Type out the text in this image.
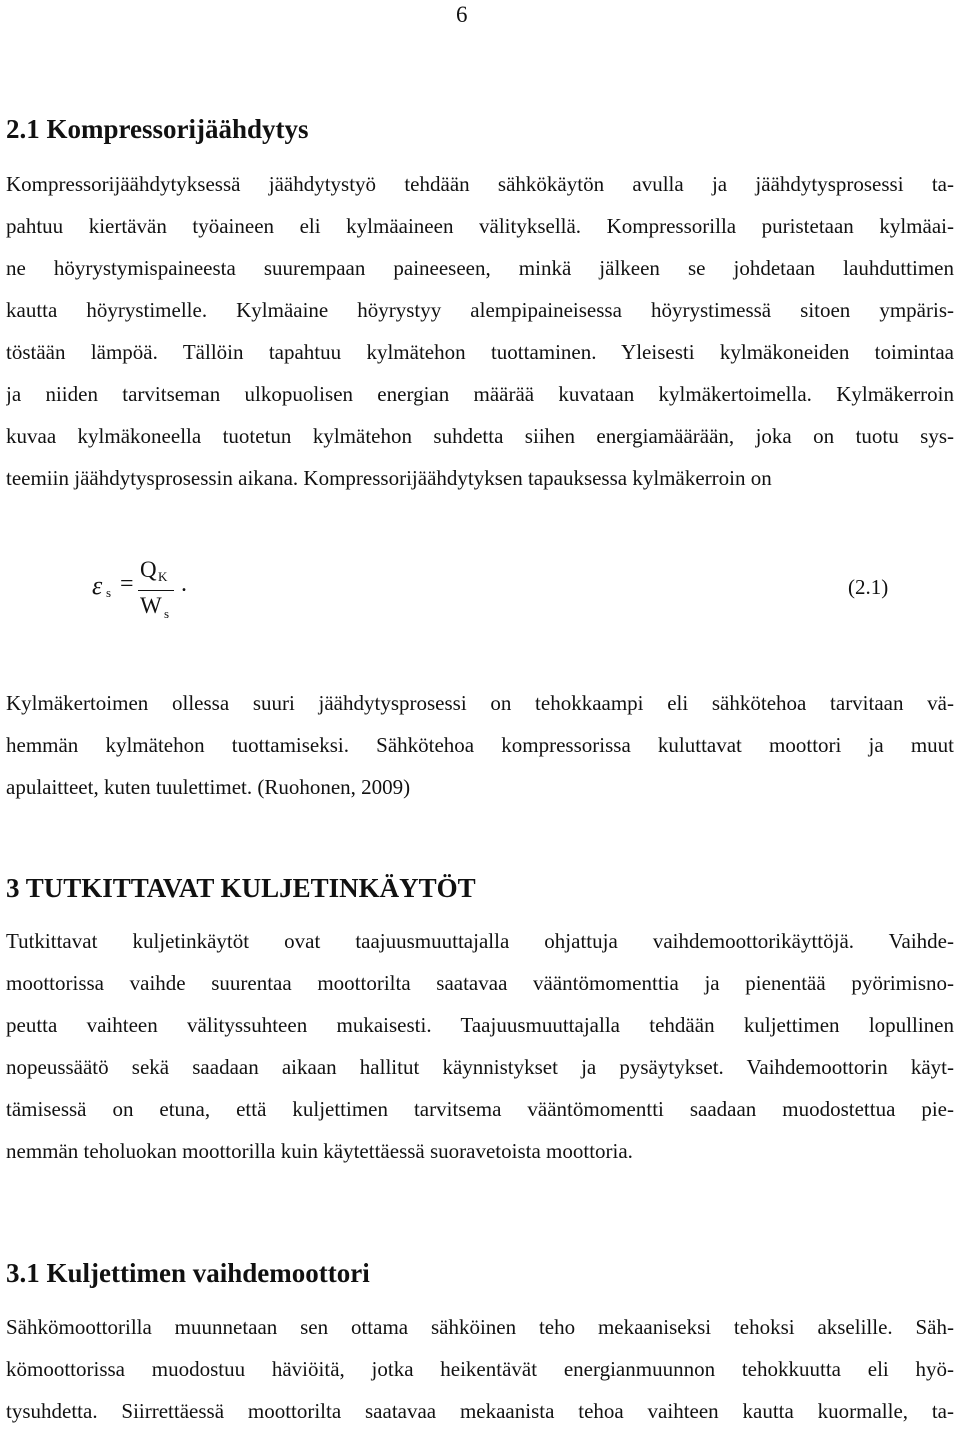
6
2.1 Kompressorijäähdytys
Kompressorijäähdytyksessä jäähdytystyö tehdään sähkökäytön avulla ja jäähdytysprosessi ta-
pahtuu kiertävän työaineen eli kylmäaineen välityksellä. Kompressorilla puristetaan kylmäai-
ne höyrystymispaineesta suurempaan paineeseen, minkä jälkeen se johdetaan lauhduttimen
kautta höyrystimelle. Kylmäaine höyrystyy alempipaineisessa höyrystimessä sitoen ympäris-
töstään lämpöä. Tällöin tapahtuu kylmätehon tuottaminen. Yleisesti kylmäkoneiden toimintaa
ja niiden tarvitseman ulkopuolisen energian määrää kuvataan kylmäkertoimella. Kylmäkerroin
kuvaa kylmäkoneella tuotetun kylmätehon suhdetta siihen energiamäärään, joka on tuotu sys-
teemiin jäähdytysprosessin aikana. Kompressorijäähdytyksen tapauksessa kylmäkerroin on
ε s =
Q K
W s
.	(2.1)
Kylmäkertoimen ollessa suuri jäähdytysprosessi on tehokkaampi eli sähkötehoa tarvitaan vä-
hemmän kylmätehon tuottamiseksi. Sähkötehoa kompressorissa kuluttavat moottori ja muut
apulaitteet, kuten tuulettimet. (Ruohonen, 2009)
3 TUTKITTAVAT KULJETINKÄYTÖT
Tutkittavat kuljetinkäytöt ovat taajuusmuuttajalla ohjattuja vaihdemoottorikäyttöjä. Vaihde-
moottorissa vaihde suurentaa moottorilta saatavaa vääntömomenttia ja pienentää pyörimisno-
peutta vaihteen välityssuhteen mukaisesti. Taajuusmuuttajalla tehdään kuljettimen lopullinen
nopeussäätö sekä saadaan aikaan hallitut käynnistykset ja pysäytykset. Vaihdemoottorin käyt-
tämisessä on etuna, että kuljettimen tarvitsema vääntömomentti saadaan muodostettua pie-
nemmän teholuokan moottorilla kuin käytettäessä suoravetoista moottoria.
3.1 Kuljettimen vaihdemoottori
Sähkömoottorilla muunnetaan sen ottama sähköinen teho mekaaniseksi tehoksi akselille. Säh-
kömoottorissa muodostuu häviöitä, jotka heikentävät energianmuunnon tehokkuutta eli hyö-
tysuhdetta. Siirrettäessä moottorilta saatavaa mekaanista tehoa vaihteen kautta kuormalle, ta-
